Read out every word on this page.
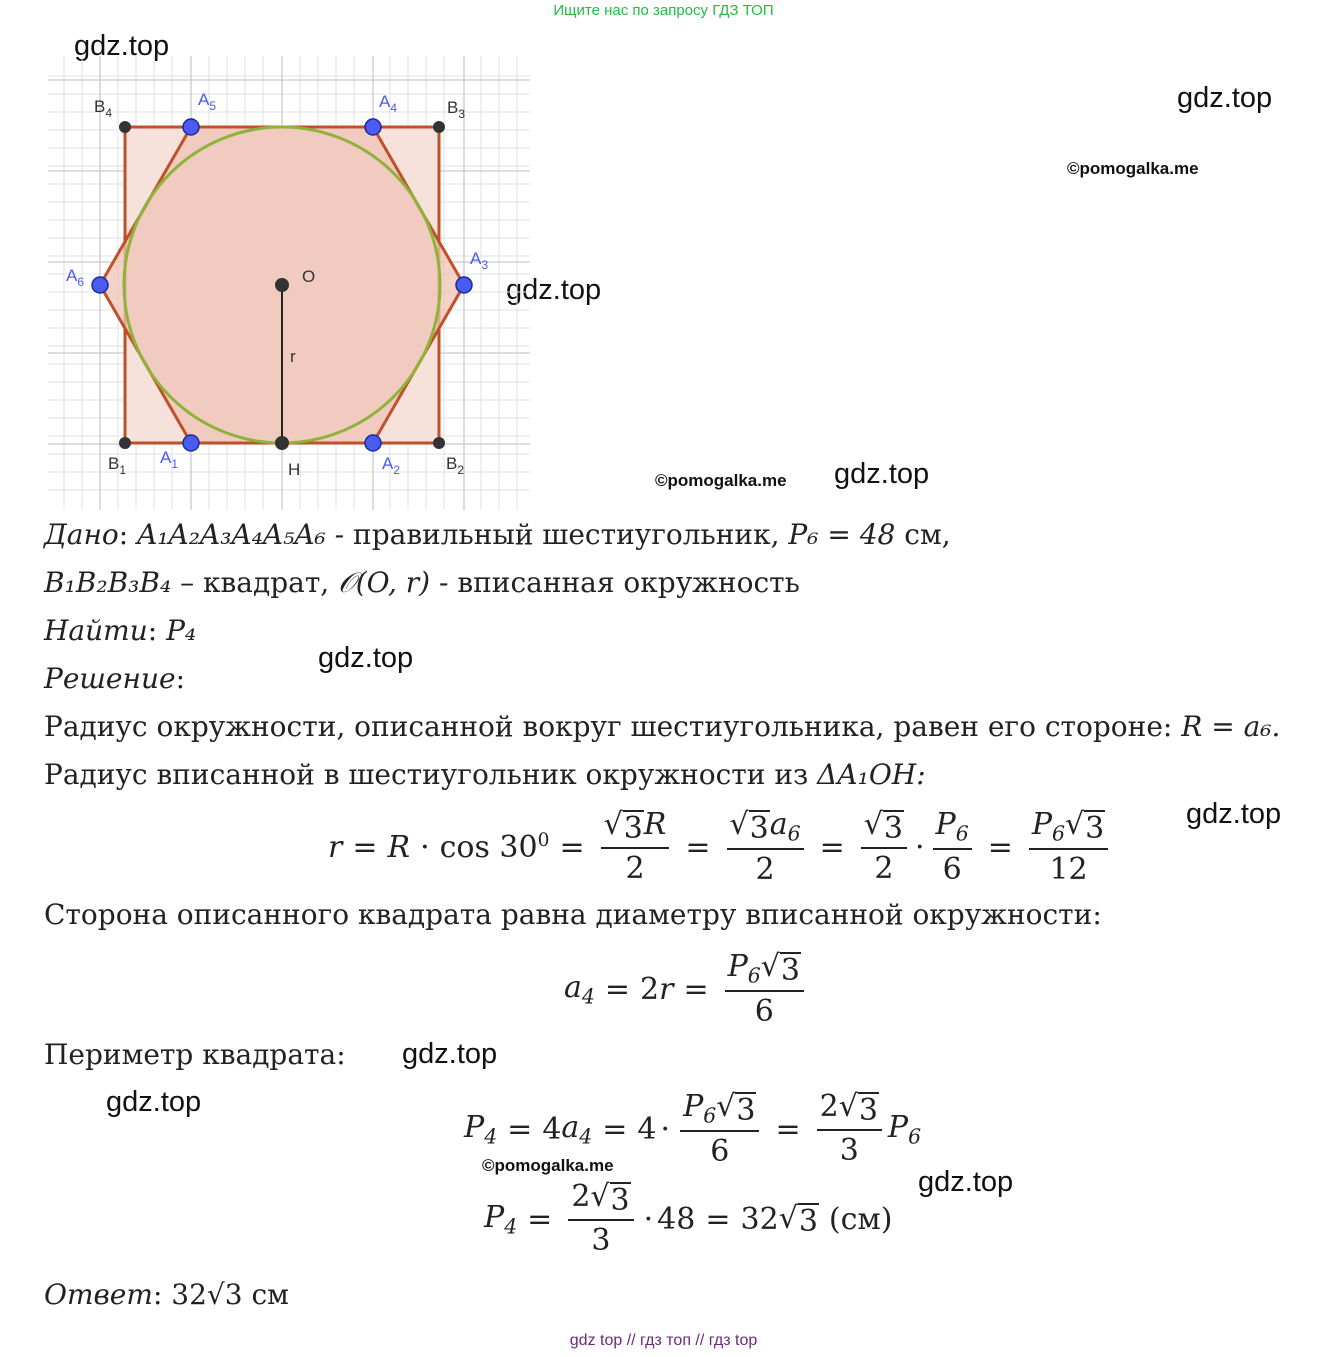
Ищите нас по запросу ГДЗ ТОП
gdz.top
gdz.top
gdz.top
gdz.top
gdz.top
gdz.top
gdz.top
gdz.top
gdz.top
©pomogalka.me
©pomogalka.me
©pomogalka.me
$B_1$	$B_2$
$B_3$
$B_4$
O
H
r
$A_1$	$A_2$
$A_3$
$A_4$
$A_5$
$A_6$
Дано: A₁A₂A₃A₄A₅A₆ - правильный шестиугольник, P₆ = 48 см,
B₁B₂B₃B₄ – квадрат, 𝒪(O, r) - вписанная окружность
Найти: P₄
Решение:
Радиус окружности, описанной вокруг шестиугольника, равен его стороне: R = a₆.
Радиус вписанной в шестиугольник окружности из ΔA₁OH:
$r = R \cdot \cos 30^0 = \frac{√ 3 R}{2} = \frac{√ 3 a_6}{2} = \frac{√ 3}{2} \cdot \frac{P_6}{6} = \frac{P_6 √ 3}{12}$
Сторона описанного квадрата равна диаметру вписанной окружности:
$a_4 = 2$ $r = \frac{P_6 √ 3}{6}$
Периметр квадрата:
$P_4 = 4$ $a_4 = 4 \cdot \frac{P_6 √ 3}{6} = \frac{2 √ 3}{3} P_6$
$P_4 = \frac{2 √ 3}{3} \cdot 48 = 32$ √ 3 (см)
Ответ: 32√3 см
gdz top // гдз топ // гдз top
